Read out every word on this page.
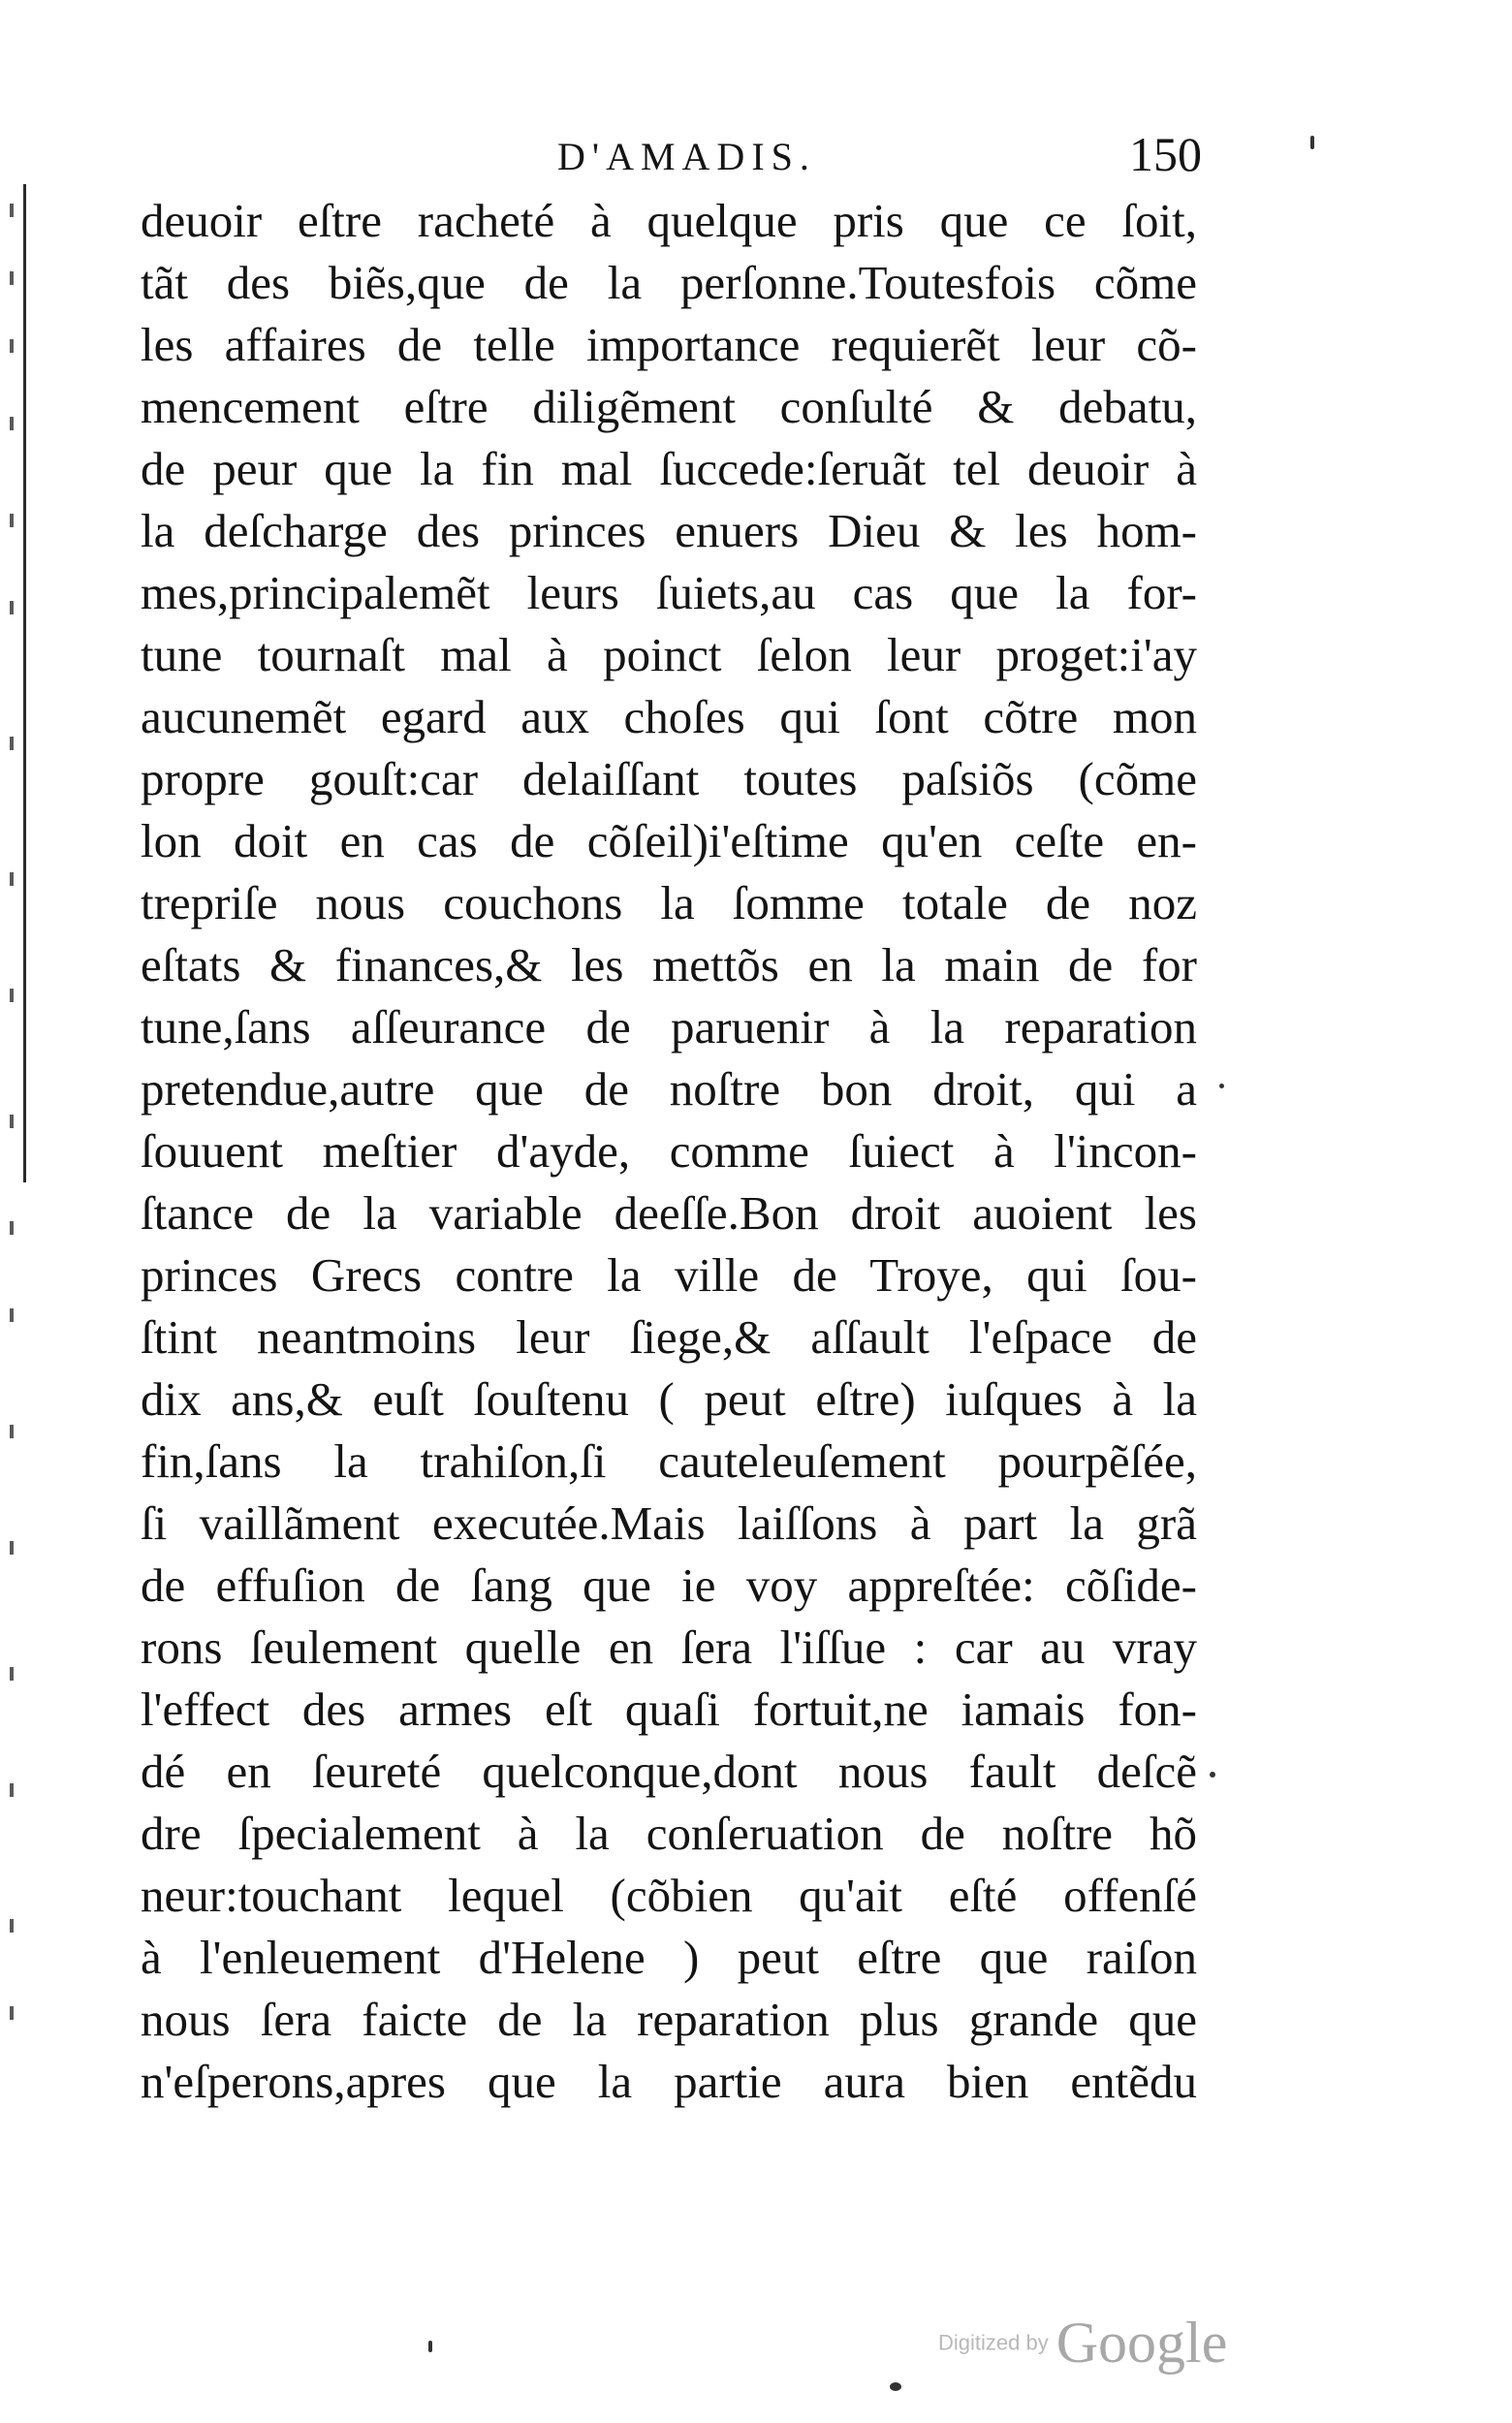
D'AMADIS.	150
deuoir eſtre racheté à quelque pris que ce ſoit,
tãt des biẽs,que de la perſonne.Toutesfois cõme
les affaires de telle importance requierẽt leur cõ-
mencement eſtre diligẽment conſulté & debatu,
de peur que la fin mal ſuccede:ſeruãt tel deuoir à
la deſcharge des princes enuers Dieu & les hom-
mes,principalemẽt leurs ſuiets,au cas que la for-
tune tournaſt mal à poinct ſelon leur proget:i'ay
aucunemẽt egard aux choſes qui ſont cõtre mon
propre gouſt:car delaiſſant toutes paſsiõs (cõme
lon doit en cas de cõſeil)i'eſtime qu'en ceſte en-
trepriſe nous couchons la ſomme totale de noz
eſtats & finances,& les mettõs en la main de for
tune,ſans aſſeurance de paruenir à la reparation
pretendue,autre que de noſtre bon droit, qui a
ſouuent meſtier d'ayde, comme ſuiect à l'incon-
ſtance de la variable deeſſe.Bon droit auoient les
princes Grecs contre la ville de Troye, qui ſou-
ſtint neantmoins leur ſiege,& aſſault l'eſpace de
dix ans,& euſt ſouſtenu ( peut eſtre) iuſques à la
fin,ſans la trahiſon,ſi cauteleuſement pourpẽſée,
ſi vaillãment executée.Mais laiſſons à part la grã
de effuſion de ſang que ie voy appreſtée: cõſide-
rons ſeulement quelle en ſera l'iſſue : car au vray
l'effect des armes eſt quaſi fortuit,ne iamais fon-
dé en ſeureté quelconque,dont nous fault deſcẽ
dre ſpecialement à la conſeruation de noſtre hõ
neur:touchant lequel (cõbien qu'ait eſté offenſé
à l'enleuement d'Helene ) peut eſtre que raiſon
nous ſera faicte de la reparation plus grande que
n'eſperons,apres que la partie aura bien entẽdu
Digitized by Google
